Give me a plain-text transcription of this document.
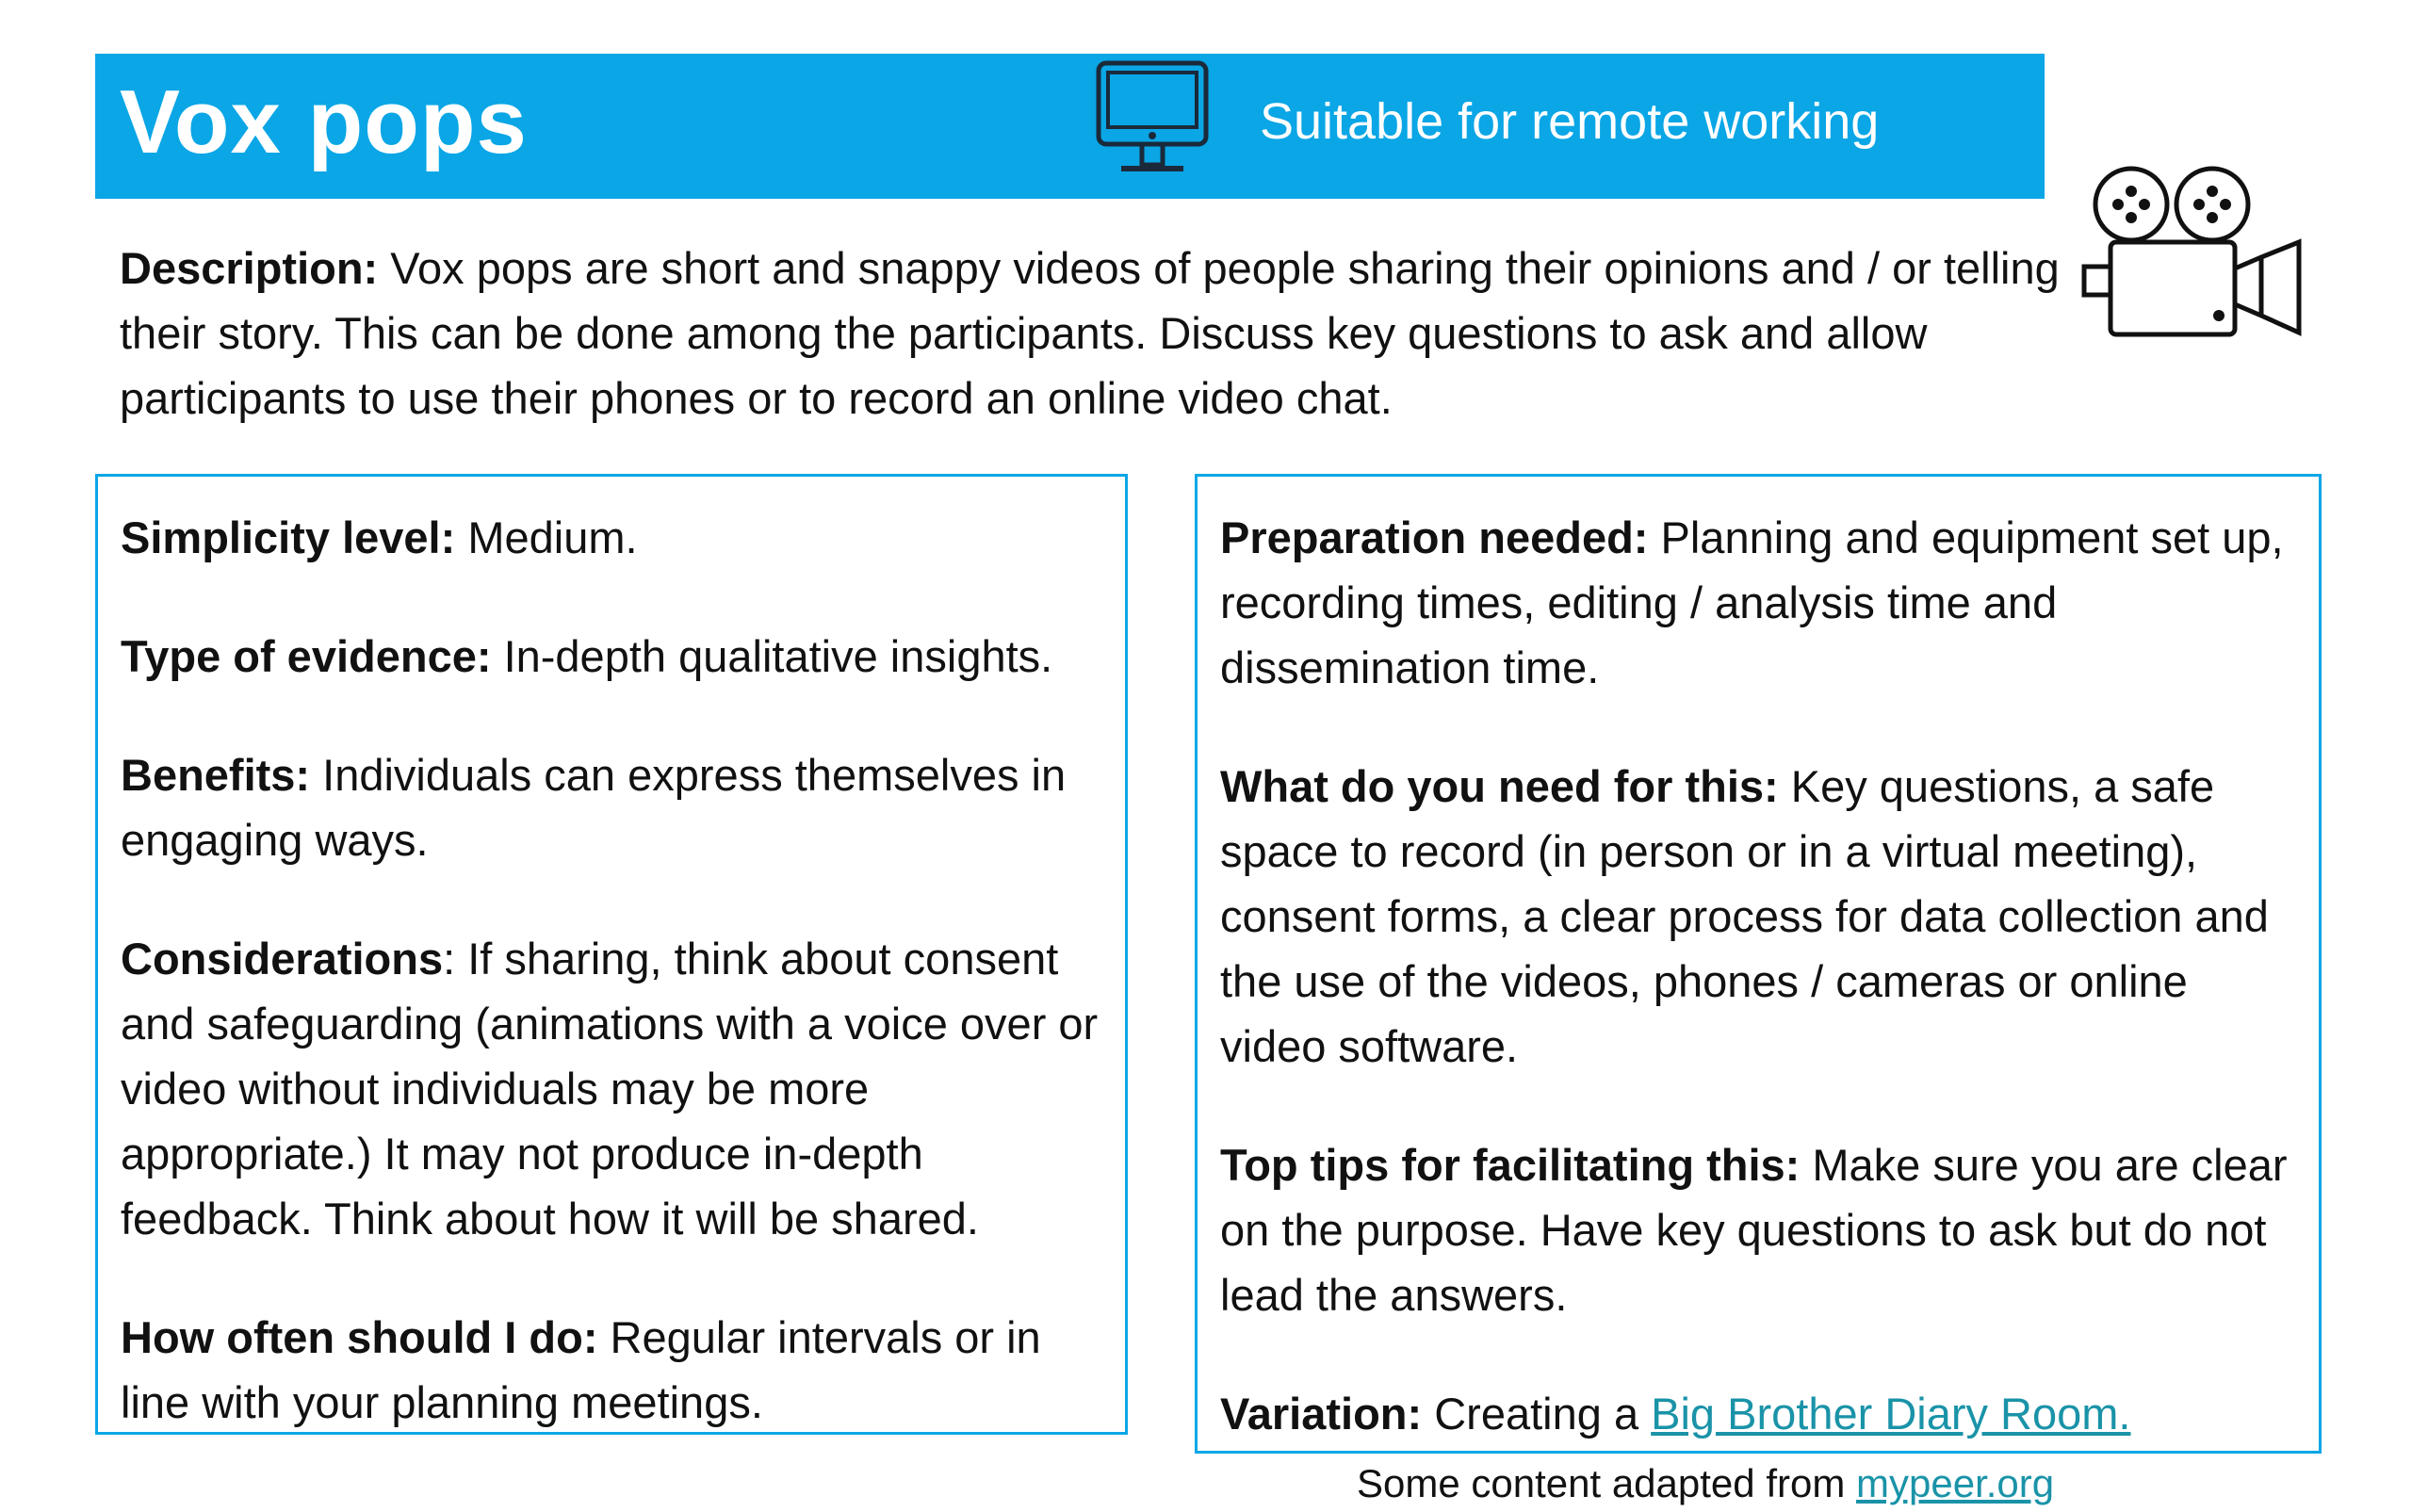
Vox pops	Suitable for remote working
Description: Vox pops are short and snappy videos of people sharing their opinions and / or telling their story. This can be done among the participants. Discuss key questions to ask and allow participants to use their phones or to record an online video chat.

Simplicity level: Medium.

Type of evidence: In-depth qualitative insights.

Benefits: Individuals can express themselves in engaging ways.

Considerations: If sharing, think about consent and safeguarding (animations with a voice over or video without individuals may be more appropriate.) It may not produce in-depth feedback. Think about how it will be shared.

How often should I do: Regular intervals or in line with your planning meetings.

Preparation needed: Planning and equipment set up, recording times, editing / analysis time and dissemination time.

What do you need for this: Key questions, a safe space to record (in person or in a virtual meeting), consent forms, a clear process for data collection and the use of the videos, phones / cameras or online video software.

Top tips for facilitating this: Make sure you are clear on the purpose. Have key questions to ask but do not lead the answers.

Variation: Creating a Big Brother Diary Room.

Some content adapted from mypeer.org
